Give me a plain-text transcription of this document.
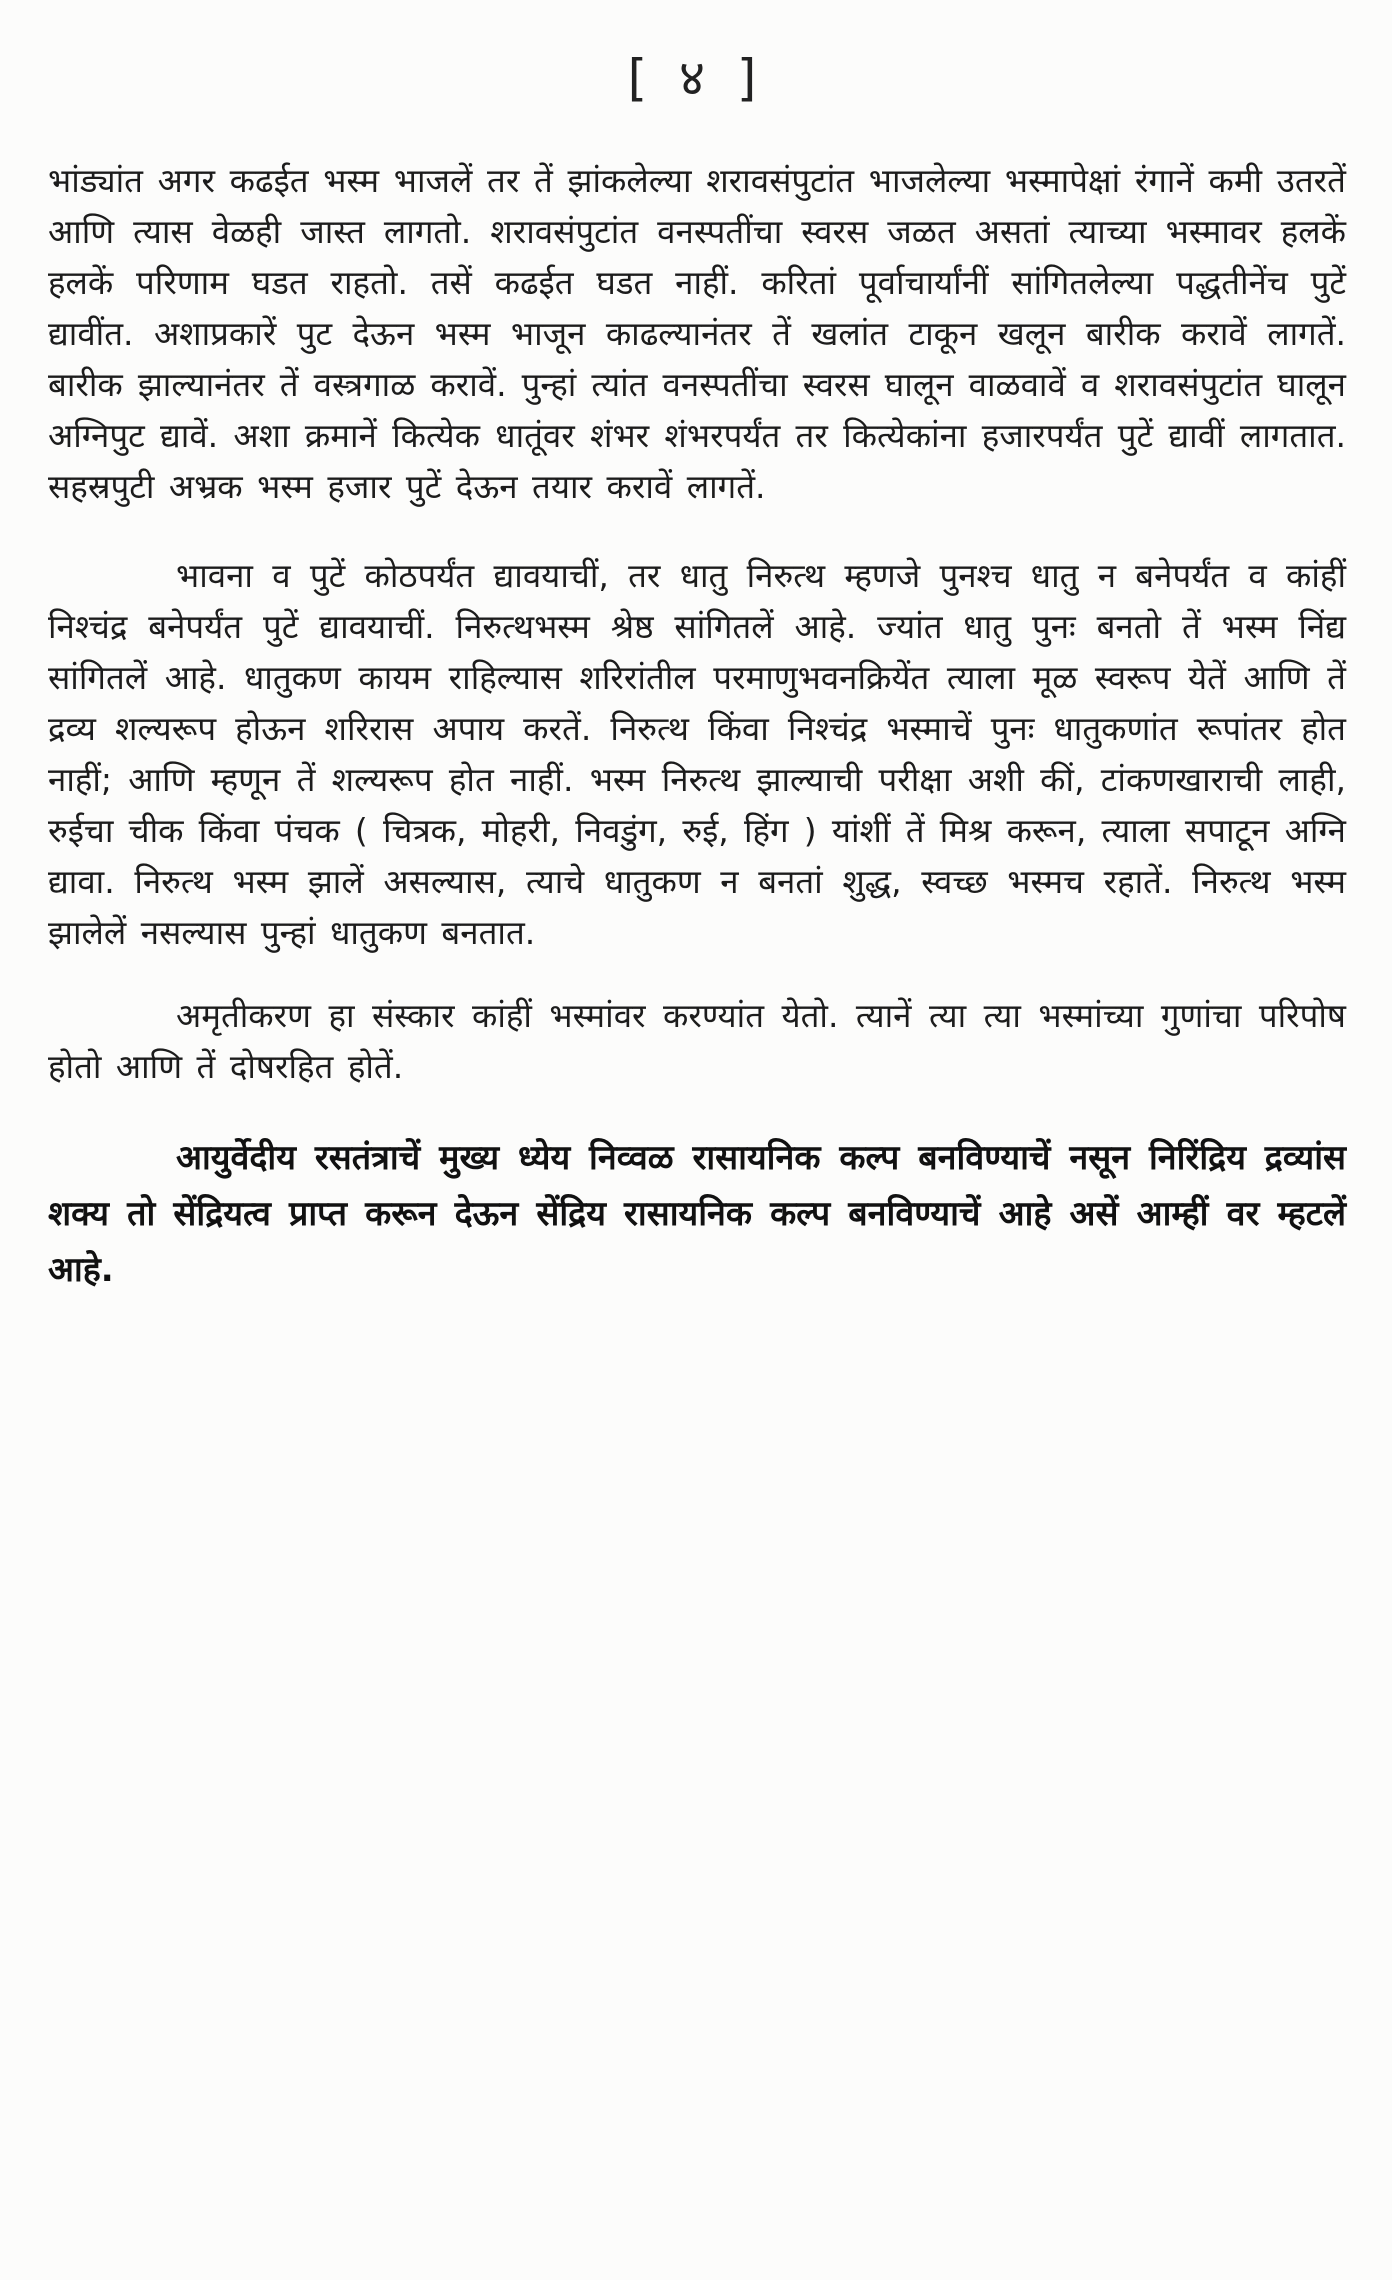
[ ४ ]

भांड्यांत अगर कढईत भस्म भाजलें तर तें झांकलेल्या शरावसंपुटांत भाजलेल्या भस्मापेक्षां रंगानें कमी उतरतें आणि त्यास वेळही जास्त लागतो. शरावसंपुटांत वनस्पतींचा स्वरस जळत असतां त्याच्या भस्मावर हलकें हलकें परिणाम घडत राहतो. तसें कढईत घडत नाहीं. करितां पूर्वाचार्यांनीं सांगितलेल्या पद्धतीनेंच पुटें द्यावींत. अशाप्रकारें पुट देऊन भस्म भाजून काढल्यानंतर तें खलांत टाकून खलून बारीक करावें लागतें. बारीक झाल्यानंतर तें वस्त्रगाळ करावें. पुन्हां त्यांत वनस्पतींचा स्वरस घालून वाळवावें व शरावसंपुटांत घालून अग्निपुट द्यावें. अशा क्रमानें कित्येक धातूंवर शंभर शंभरपर्यंत तर कित्येकांना हजारपर्यंत पुटें द्यावीं लागतात. सहस्रपुटी अभ्रक भस्म हजार पुटें देऊन तयार करावें लागतें.

भावना व पुटें कोठपर्यंत द्यावयाचीं, तर धातु निरुत्थ म्हणजे पुनश्च धातु न बनेपर्यंत व कांहीं निश्चंद्र बनेपर्यंत पुटें द्यावयाचीं. निरुत्थभस्म श्रेष्ठ सांगितलें आहे. ज्यांत धातु पुनः बनतो तें भस्म निंद्य सांगितलें आहे. धातुकण कायम राहिल्यास शरिरांतील परमाणुभवनक्रियेंत त्याला मूळ स्वरूप येतें आणि तें द्रव्य शल्यरूप होऊन शरिरास अपाय करतें. निरुत्थ किंवा निश्चंद्र भस्माचें पुनः धातुकणांत रूपांतर होत नाहीं; आणि म्हणून तें शल्यरूप होत नाहीं. भस्म निरुत्थ झाल्याची परीक्षा अशी कीं, टांकणखाराची लाही, रुईचा चीक किंवा पंचक ( चित्रक, मोहरी, निवडुंग, रुई, हिंग ) यांशीं तें मिश्र करून, त्याला सपाटून अग्नि द्यावा. निरुत्थ भस्म झालें असल्यास, त्याचे धातुकण न बनतां शुद्ध, स्वच्छ भस्मच रहातें. निरुत्थ भस्म झालेलें नसल्यास पुन्हां धातुकण बनतात.

अमृतीकरण हा संस्कार कांहीं भस्मांवर करण्यांत येतो. त्यानें त्या त्या भस्मांच्या गुणांचा परिपोष होतो आणि तें दोषरहित होतें.

आयुर्वेदीय रसतंत्राचें मुख्य ध्येय निव्वळ रासायनिक कल्प बनविण्याचें नसून निरिंद्रिय द्रव्यांस शक्य तो सेंद्रियत्व प्राप्त करून देऊन सेंद्रिय रासायनिक कल्प बनविण्याचें आहे असें आम्हीं वर म्हटलें आहे.
